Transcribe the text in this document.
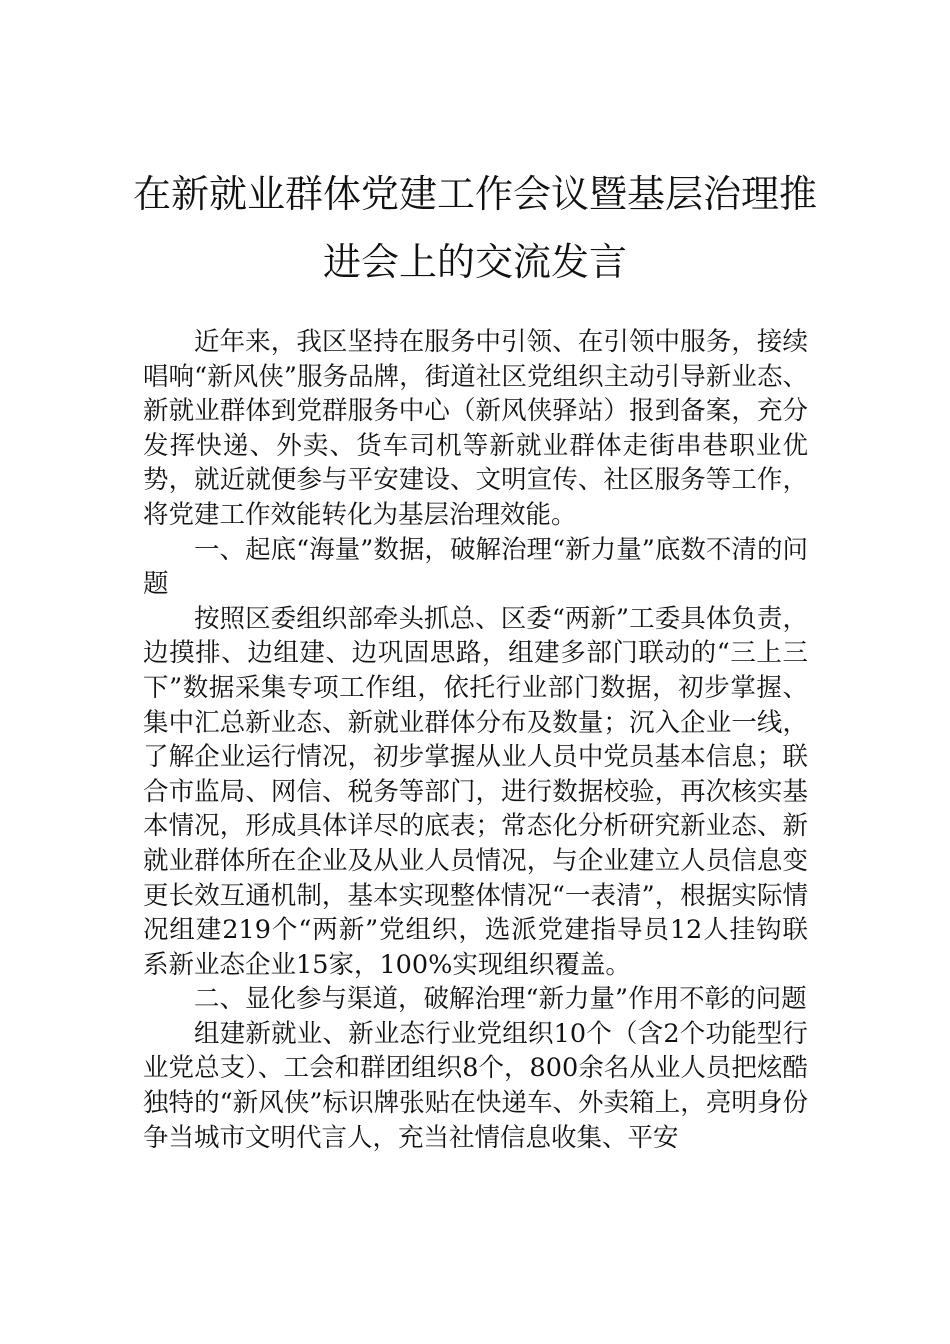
在新就业群体党建工作会议暨基层治理推进会上的交流发言

近年来，我区坚持在服务中引领、在引领中服务，接续唱响“新风侠”服务品牌，街道社区党组织主动引导新业态、新就业群体到党群服务中心（新风侠驿站）报到备案，充分发挥快递、外卖、货车司机等新就业群体走街串巷职业优势，就近就便参与平安建设、文明宣传、社区服务等工作，将党建工作效能转化为基层治理效能。

一、起底“海量”数据，破解治理“新力量”底数不清的问题

按照区委组织部牵头抓总、区委“两新”工委具体负责，边摸排、边组建、边巩固思路，组建多部门联动的“三上三下”数据采集专项工作组，依托行业部门数据，初步掌握、集中汇总新业态、新就业群体分布及数量；沉入企业一线，了解企业运行情况，初步掌握从业人员中党员基本信息；联合市监局、网信、税务等部门，进行数据校验，再次核实基本情况，形成具体详尽的底表；常态化分析研究新业态、新就业群体所在企业及从业人员情况，与企业建立人员信息变更长效互通机制，基本实现整体情况“一表清”，根据实际情况组建219个“两新”党组织，选派党建指导员12人挂钩联系新业态企业15家，100%实现组织覆盖。

二、显化参与渠道，破解治理“新力量”作用不彰的问题

组建新就业、新业态行业党组织10个（含2个功能型行业党总支）、工会和群团组织8个，800余名从业人员把炫酷独特的“新风侠”标识牌张贴在快递车、外卖箱上，亮明身份争当城市文明代言人，充当社情信息收集、平安
